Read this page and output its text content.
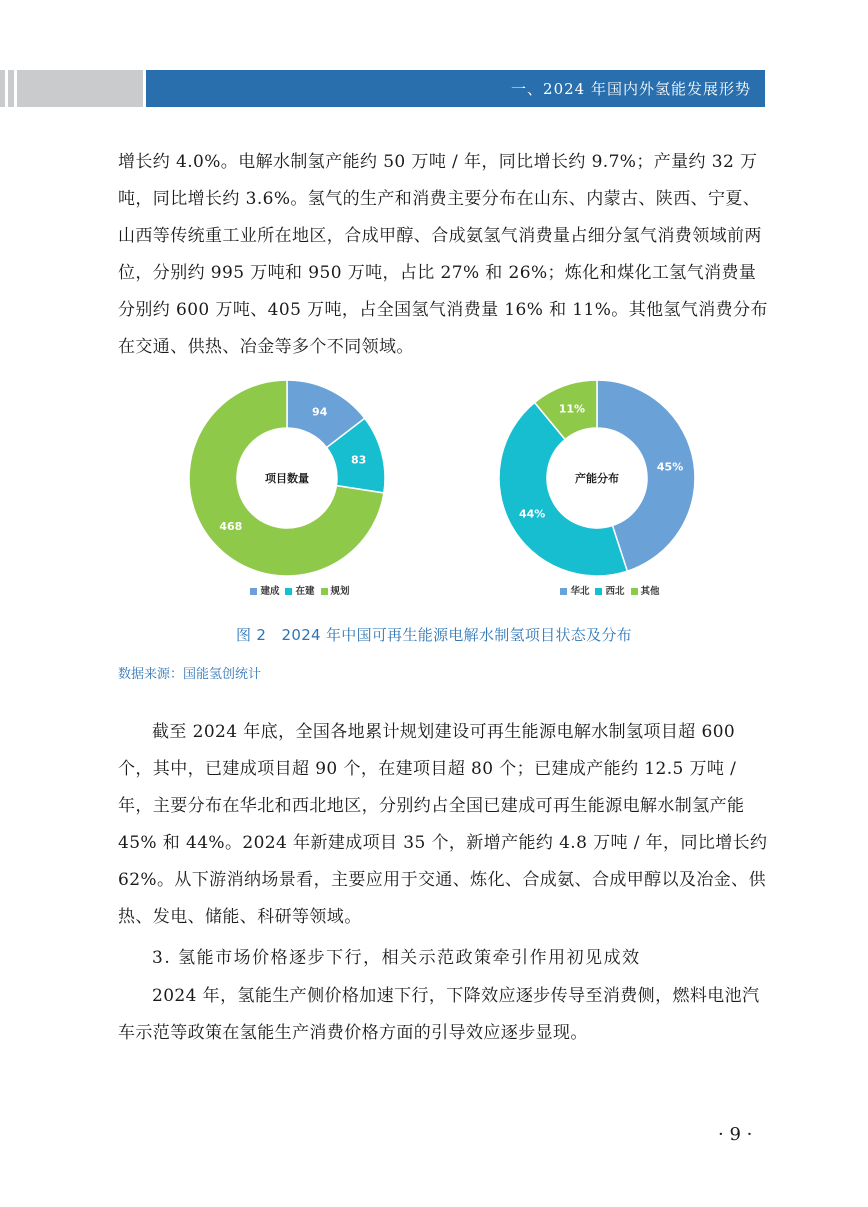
一、2024 年国内外氢能发展形势

增长约 4.0%。电解水制氢产能约 50 万吨 / 年，同比增长约 9.7%；产量约 32 万吨，同比增长约 3.6%。氢气的生产和消费主要分布在山东、内蒙古、陕西、宁夏、山西等传统重工业所在地区，合成甲醇、合成氨氢气消费量占细分氢气消费领域前两位，分别约 995 万吨和 950 万吨，占比 27% 和 26%；炼化和煤化工氢气消费量分别约 600 万吨、405 万吨，占全国氢气消费量 16% 和 11%。其他氢气消费分布在交通、供热、冶金等多个不同领域。

94
83
468
项目数量
建成 在建 规划
45%
44%
11%
产能分布
华北 西北 其他
图 2　2024 年中国可再生能源电解水制氢项目状态及分布
数据来源：国能氢创统计

截至 2024 年底，全国各地累计规划建设可再生能源电解水制氢项目超 600 个，其中，已建成项目超 90 个，在建项目超 80 个；已建成产能约 12.5 万吨 / 年，主要分布在华北和西北地区，分别约占全国已建成可再生能源电解水制氢产能 45% 和 44%。2024 年新建成项目 35 个，新增产能约 4.8 万吨 / 年，同比增长约 62%。从下游消纳场景看，主要应用于交通、炼化、合成氨、合成甲醇以及冶金、供热、发电、储能、科研等领域。

3. 氢能市场价格逐步下行，相关示范政策牵引作用初见成效

2024 年，氢能生产侧价格加速下行，下降效应逐步传导至消费侧，燃料电池汽车示范等政策在氢能生产消费价格方面的引导效应逐步显现。

· 9 ·
